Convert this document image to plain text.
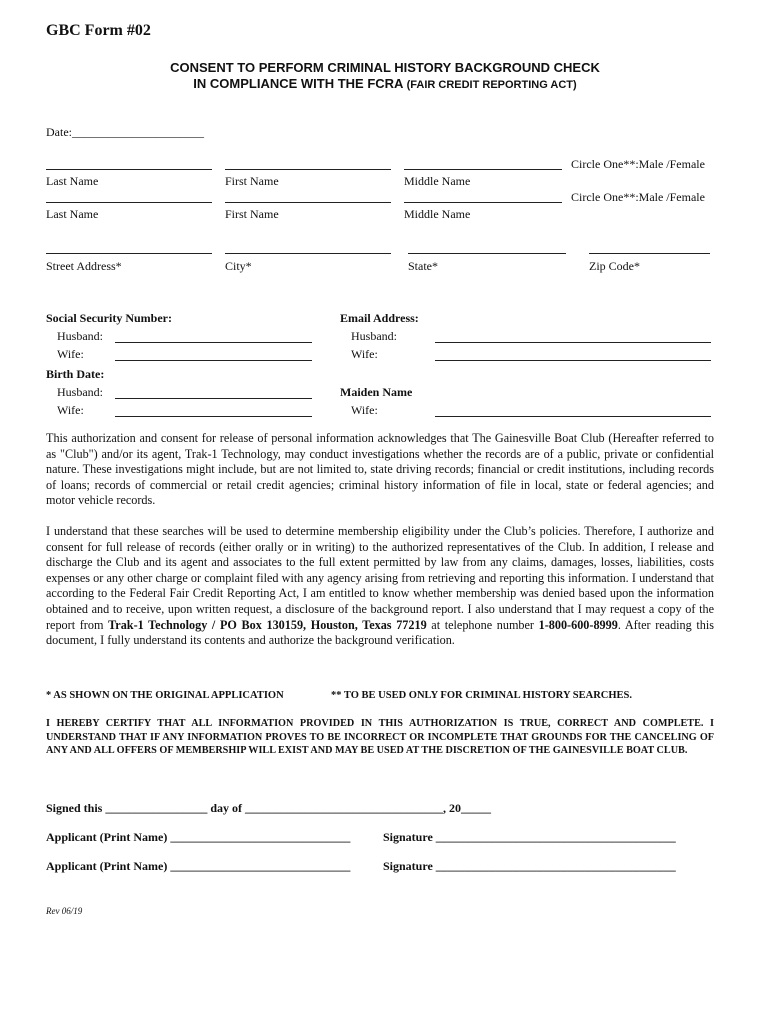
GBC Form #02
CONSENT TO PERFORM CRIMINAL HISTORY BACKGROUND CHECK
IN COMPLIANCE WITH THE FCRA (FAIR CREDIT REPORTING ACT)
Date:______________________
Circle One**:Male /Female
Last Name	First Name	Middle Name
Circle One**:Male /Female
Last Name	First Name	Middle Name
Street Address*	City*	State*	Zip Code*
Social Security Number:	Email Address:
Husband:	Husband:
Wife:	Wife:
Birth Date:
Husband:	Maiden Name
Wife:	Wife:
This authorization and consent for release of personal information acknowledges that The Gainesville Boat Club (Hereafter referred to as "Club") and/or its agent, Trak-1 Technology, may conduct investigations whether the records are of a public, private or confidential nature. These investigations might include, but are not limited to, state driving records; financial or credit institutions, including records of loans; records of commercial or retail credit agencies; criminal history information of file in local, state or federal agencies; and motor vehicle records.
I understand that these searches will be used to determine membership eligibility under the Club’s policies. Therefore, I authorize and consent for full release of records (either orally or in writing) to the authorized representatives of the Club. In addition, I release and discharge the Club and its agent and associates to the full extent permitted by law from any claims, damages, losses, liabilities, costs expenses or any other charge or complaint filed with any agency arising from retrieving and reporting this information. I understand that according to the Federal Fair Credit Reporting Act, I am entitled to know whether membership was denied based upon the information obtained and to receive, upon written request, a disclosure of the background report. I also understand that I may request a copy of the report from Trak-1 Technology / PO Box 130159, Houston, Texas 77219 at telephone number 1-800-600-8999. After reading this document, I fully understand its contents and authorize the background verification.
* AS SHOWN ON THE ORIGINAL APPLICATION	** TO BE USED ONLY FOR CRIMINAL HISTORY SEARCHES.
I HEREBY CERTIFY THAT ALL INFORMATION PROVIDED IN THIS AUTHORIZATION IS TRUE, CORRECT AND COMPLETE. I UNDERSTAND THAT IF ANY INFORMATION PROVES TO BE INCORRECT OR INCOMPLETE THAT GROUNDS FOR THE CANCELING OF ANY AND ALL OFFERS OF MEMBERSHIP WILL EXIST AND MAY BE USED AT THE DISCRETION OF THE GAINESVILLE BOAT CLUB.
Signed this _________________ day of _________________________________, 20_____
Applicant (Print Name) ______________________________	Signature ________________________________________
Applicant (Print Name) ______________________________	Signature ________________________________________
Rev 06/19
